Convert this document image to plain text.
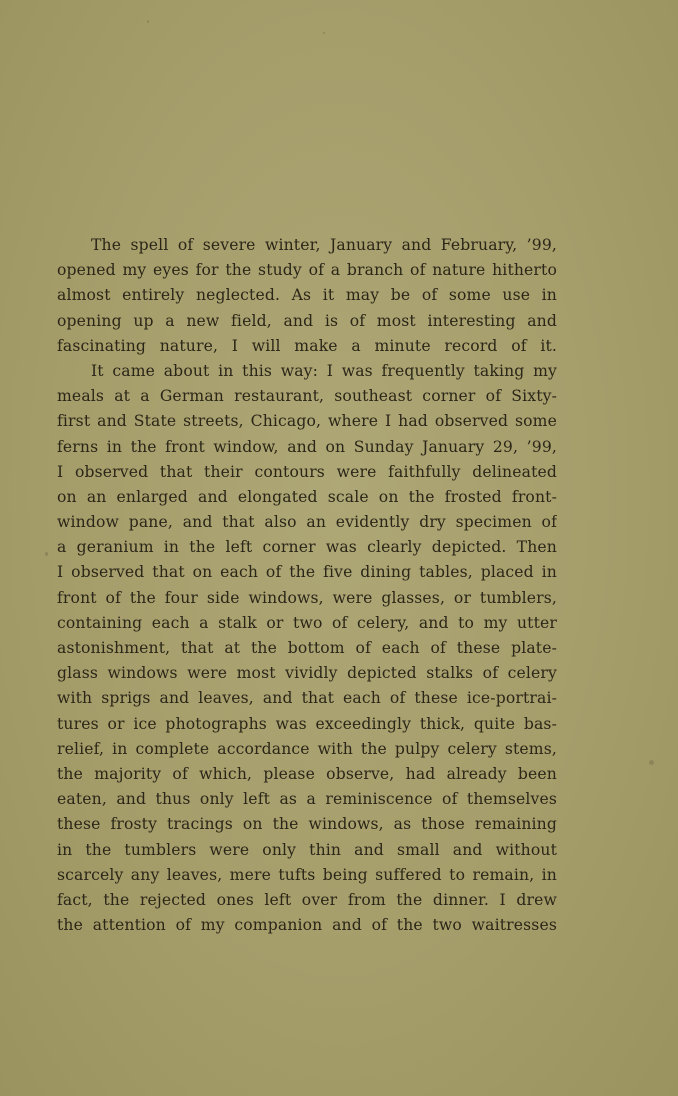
The spell of severe winter, January and February, ’99,
opened my eyes for the study of a branch of nature hitherto
almost entirely neglected. As it may be of some use in
opening up a new field, and is of most interesting and
fascinating nature, I will make a minute record of it.
It came about in this way: I was frequently taking my
meals at a German restaurant, southeast corner of Sixty-
first and State streets, Chicago, where I had observed some
ferns in the front window, and on Sunday January 29, ’99,
I observed that their contours were faithfully delineated
on an enlarged and elongated scale on the frosted front-
window pane, and that also an evidently dry specimen of
a geranium in the left corner was clearly depicted. Then
I observed that on each of the five dining tables, placed in
front of the four side windows, were glasses, or tumblers,
containing each a stalk or two of celery, and to my utter
astonishment, that at the bottom of each of these plate-
glass windows were most vividly depicted stalks of celery
with sprigs and leaves, and that each of these ice-portrai-
tures or ice photographs was exceedingly thick, quite bas-
relief, in complete accordance with the pulpy celery stems,
the majority of which, please observe, had already been
eaten, and thus only left as a reminiscence of themselves
these frosty tracings on the windows, as those remaining
in the tumblers were only thin and small and without
scarcely any leaves, mere tufts being suffered to remain, in
fact, the rejected ones left over from the dinner. I drew
the attention of my companion and of the two waitresses
